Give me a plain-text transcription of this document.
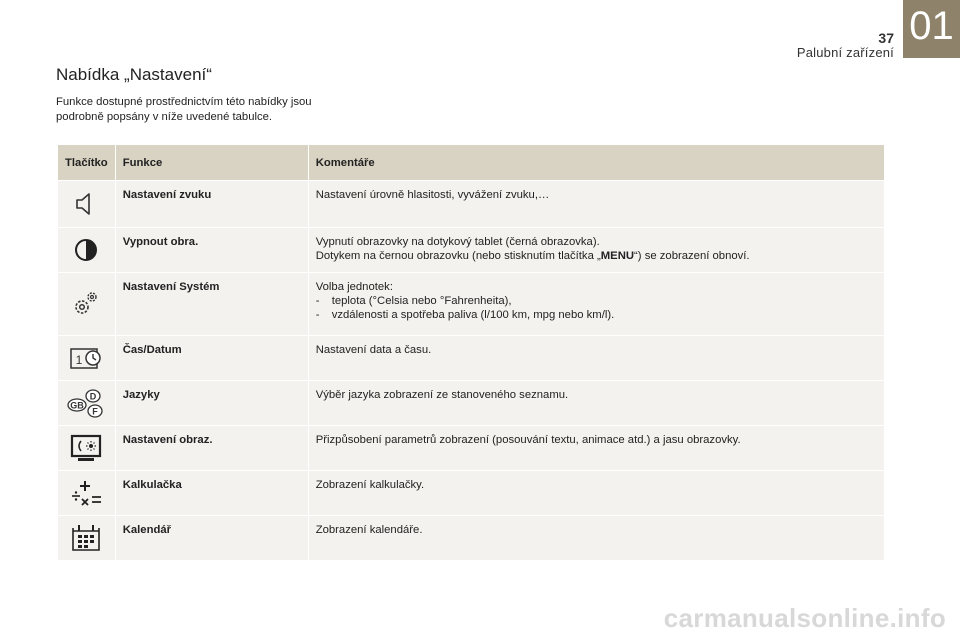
37
Palubní zařízení
01
Nabídka „Nastavení“
Funkce dostupné prostřednictvím této nabídky jsou podrobně popsány v níže uvedené tabulce.
Tlačítko	Funkce	Komentáře
	Nastavení zvuku	Nastavení úrovně hlasitosti, vyvážení zvuku,…

	Vypnout obra.	Vypnutí obrazovky na dotykový tablet (černá obrazovka).
Dotykem na černou obrazovku (nebo stisknutím tlačítka „MENU“) se zobrazení obnoví.

	Nastavení Systém	Volba jednotek:
- teplota (°Celsia nebo °Fahrenheita),
- vzdálenosti a spotřeba paliva (l/100 km, mpg nebo km/l).

1	Čas/Datum	Nastavení data a času.

GB
D
F	Jazyky	Výběr jazyka zobrazení ze stanoveného seznamu.

	Nastavení obraz.	Přizpůsobení parametrů zobrazení (posouvání textu, animace atd.) a jasu obrazovky.

	Kalkulačka	Zobrazení kalkulačky.

	Kalendář	Zobrazení kalendáře.
carmanualsonline.info
